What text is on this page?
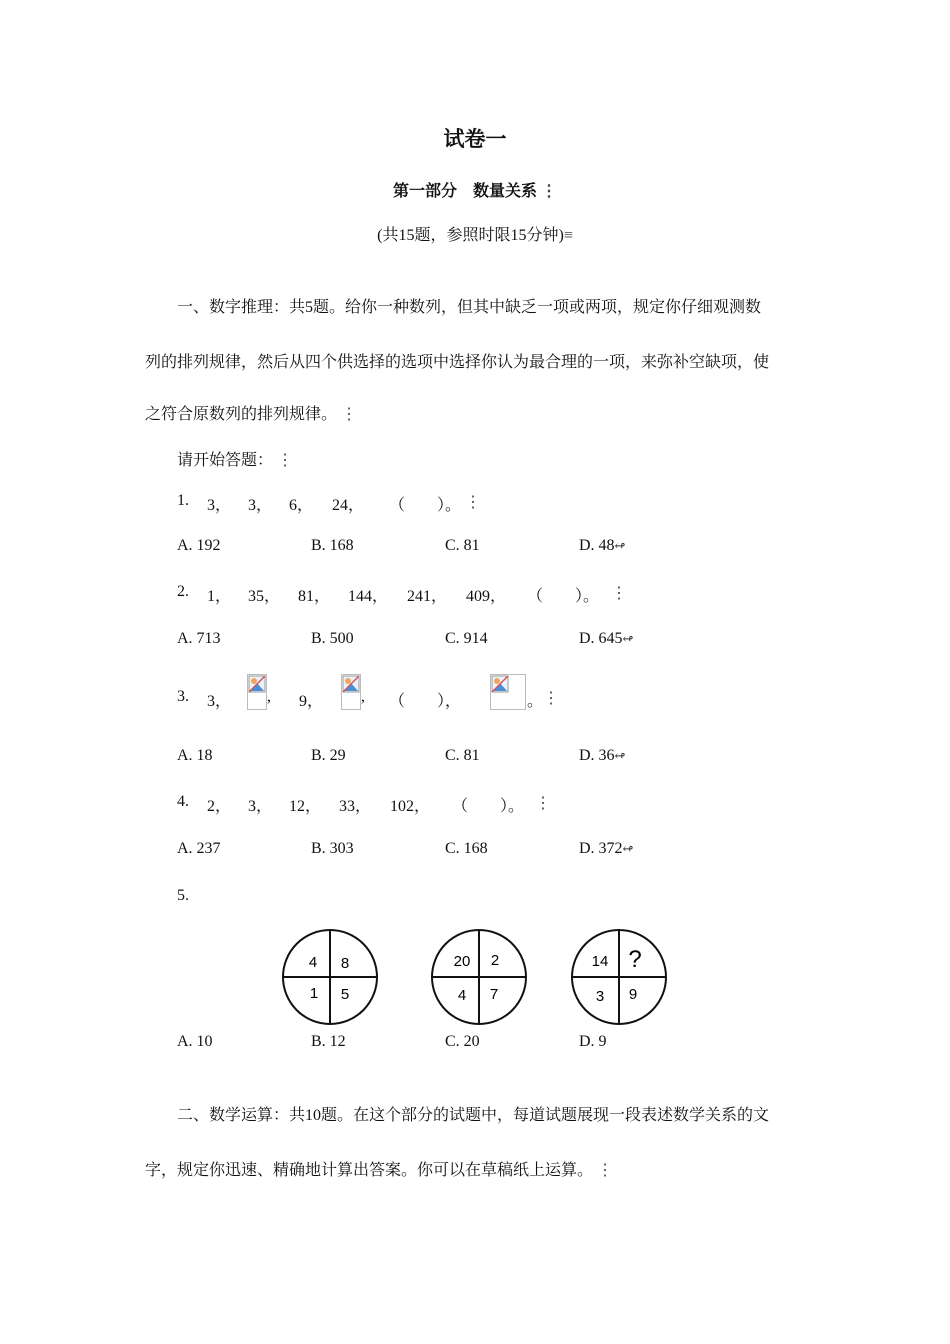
试卷一
第一部分　数量关系 ⋮
(共15题，参照时限15分钟)≡
一、数字推理：共5题。给你一种数列，但其中缺乏一项或两项，规定你仔细观测数
列的排列规律，然后从四个供选择的选项中选择你认为最合理的一项，来弥补空缺项，使
之符合原数列的排列规律。 ⋮
请开始答题： ⋮
1. 3， 3， 6， 24， （　　）。 ⋮
A. 192	B. 168	C. 81	D. 48↫
2. 1， 35， 81， 144， 241， 409， （　　）。 ⋮
A. 713	B. 500	C. 914	D. 645↫
3. 3， , 9， , （　　），	。 ⋮
A. 18	B. 29	C. 81	D. 36↫
4. 2， 3， 12， 33， 102， （　　）。 ⋮
A. 237	B. 303	C. 168	D. 372↫
5.
4 8
1 5
20 2
4 7
14 ?
3 9
A. 10	B. 12	C. 20	D. 9
二、数学运算：共10题。在这个部分的试题中，每道试题展现一段表述数学关系的文
字，规定你迅速、精确地计算出答案。你可以在草稿纸上运算。 ⋮
